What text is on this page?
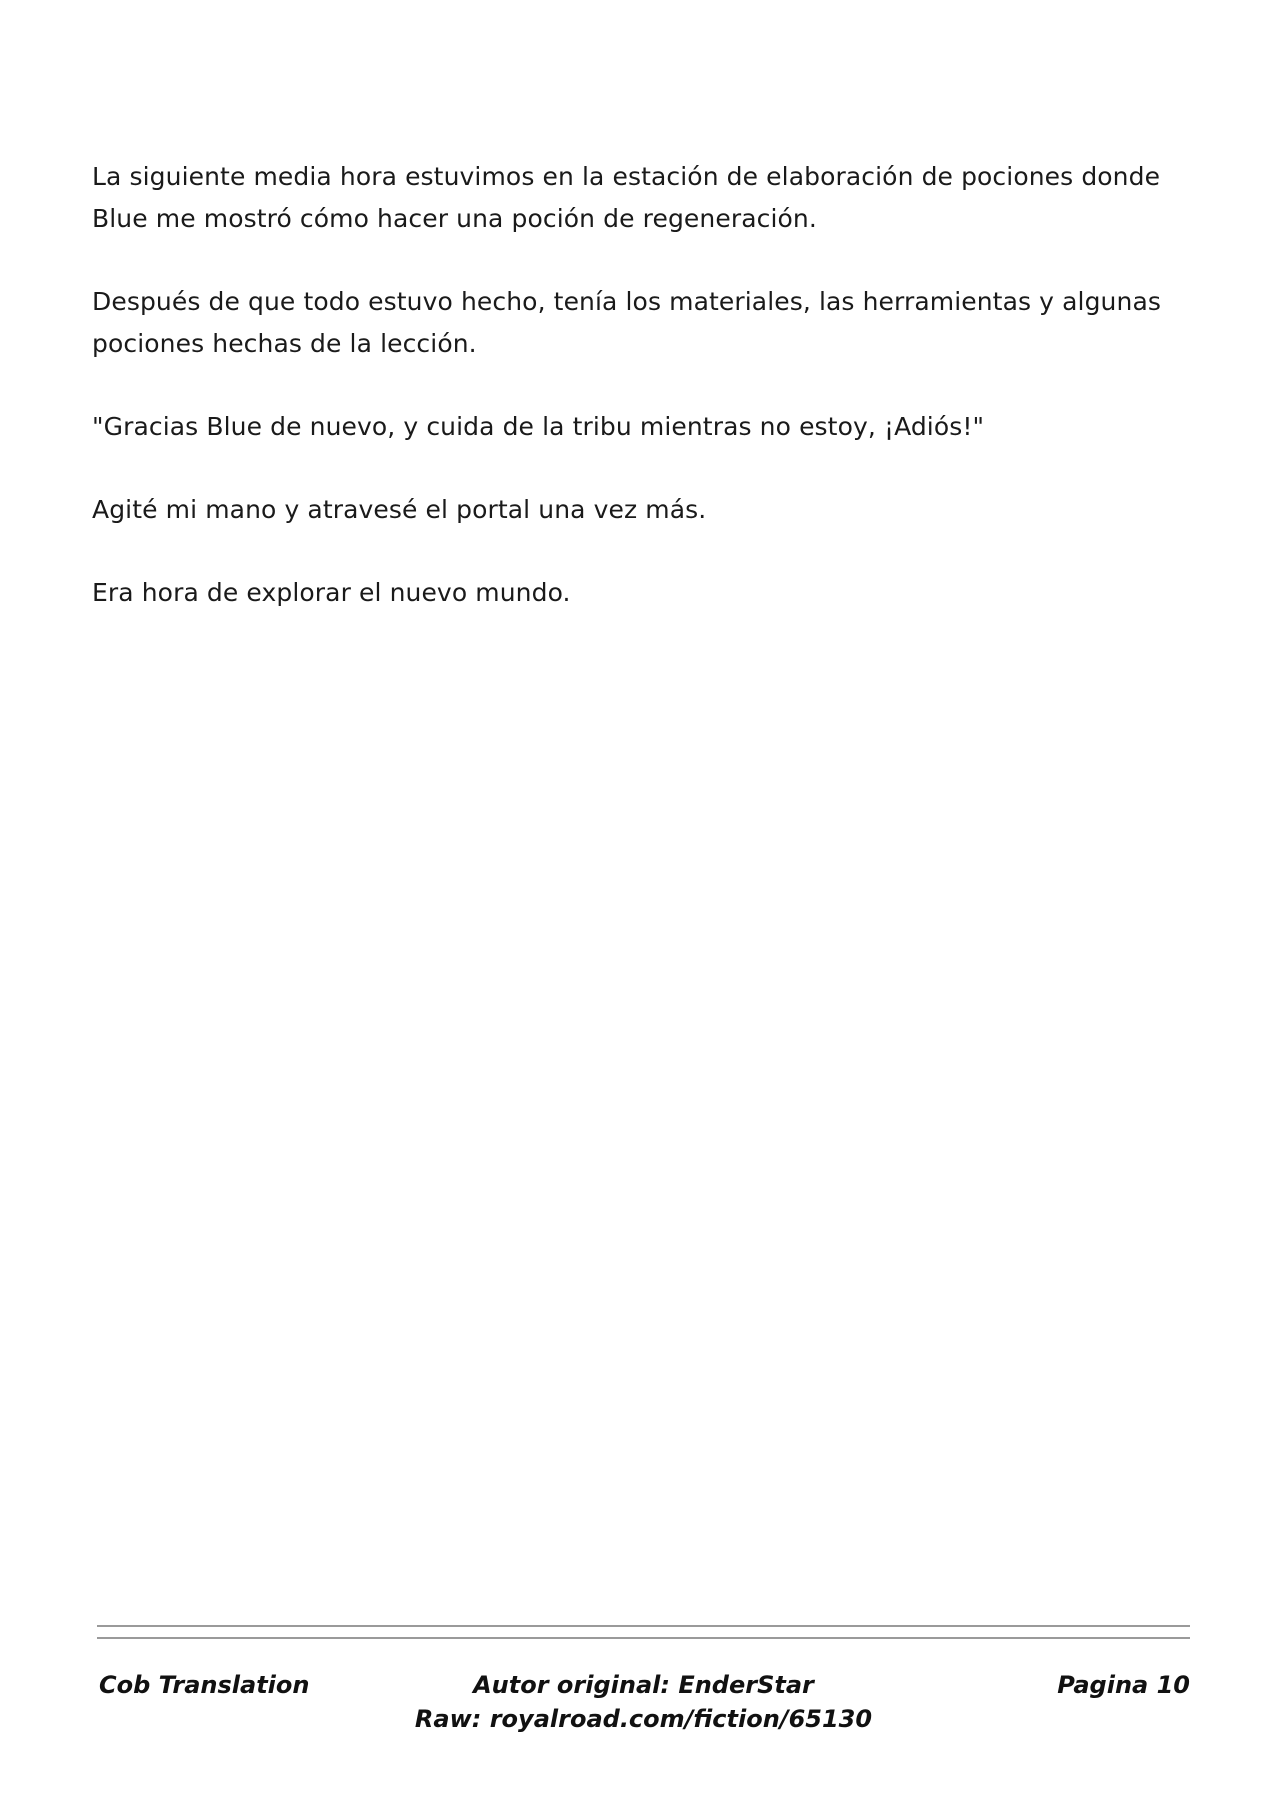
La siguiente media hora estuvimos en la estación de elaboración de pociones donde Blue me mostró cómo hacer una poción de regeneración.

Después de que todo estuvo hecho, tenía los materiales, las herramientas y algunas pociones hechas de la lección.

"Gracias Blue de nuevo, y cuida de la tribu mientras no estoy, ¡Adiós!"

Agité mi mano y atravesé el portal una vez más.

Era hora de explorar el nuevo mundo.

Cob Translation	Autor original: EnderStar
Raw: royalroad.com/fiction/65130
Pagina 10
